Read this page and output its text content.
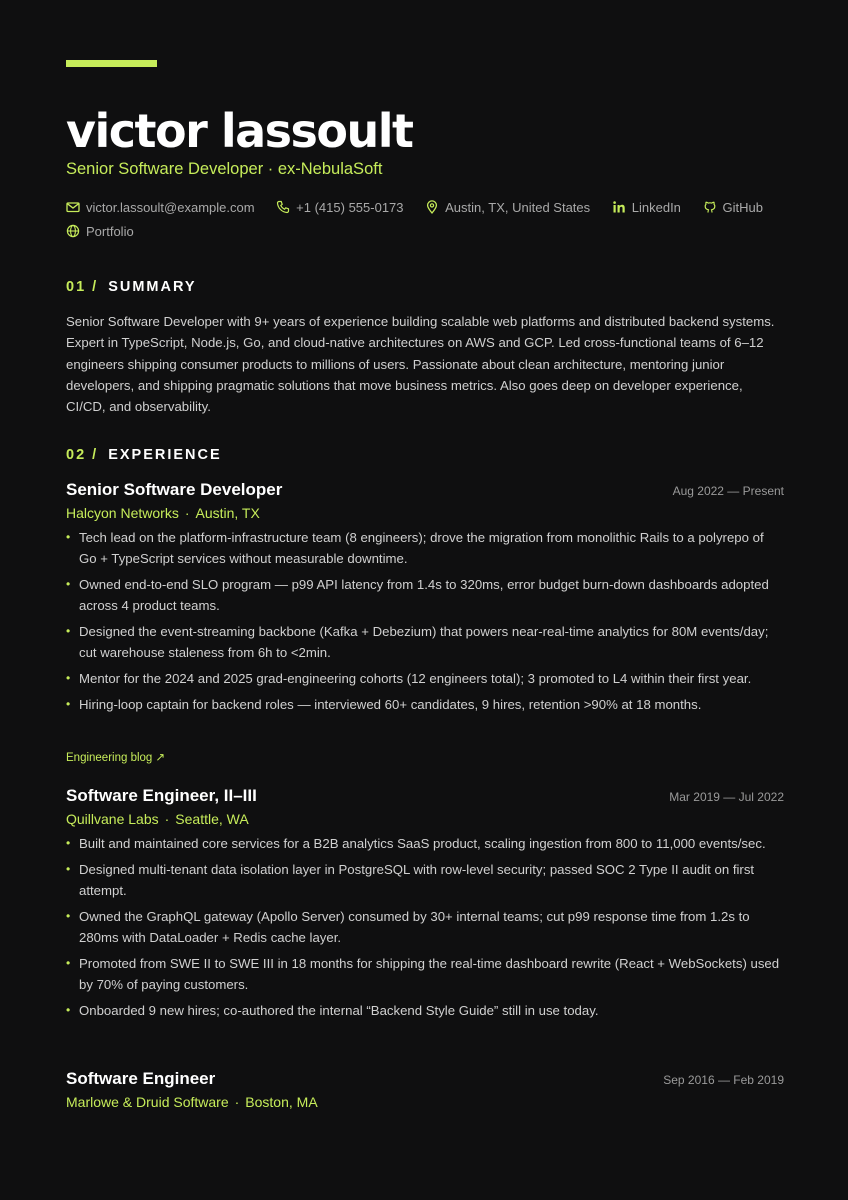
victor lassoult
Senior Software Developer · ex-NebulaSoft
victor.lassoult@example.com
	+1 (415) 555-0173
	Austin, TX, United States
	LinkedIn
	GitHub

Portfolio
01 / SUMMARY

Senior Software Developer with 9+ years of experience building scalable web platforms and distributed backend systems. Expert in TypeScript, Node.js, Go, and cloud-native architectures on AWS and GCP. Led cross-functional teams of 6–12 engineers shipping consumer products to millions of users. Passionate about clean architecture, mentoring junior developers, and shipping pragmatic solutions that move business metrics. Also goes deep on developer experience, CI/CD, and observability.

02 / EXPERIENCE
Senior Software Developer	Aug 2022 — Present
Halcyon Networks · Austin, TX
• Tech lead on the platform-infrastructure team (8 engineers); drove the migration from monolithic Rails to a polyrepo of Go + TypeScript services without measurable downtime.
• Owned end-to-end SLO program — p99 API latency from 1.4s to 320ms, error budget burn-down dashboards adopted across 4 product teams.
• Designed the event-streaming backbone (Kafka + Debezium) that powers near-real-time analytics for 80M events/day; cut warehouse staleness from 6h to <2min.
• Mentor for the 2024 and 2025 grad-engineering cohorts (12 engineers total); 3 promoted to L4 within their first year.
• Hiring-loop captain for backend roles — interviewed 60+ candidates, 9 hires, retention >90% at 18 months.
Engineering blog ↗
Software Engineer, II–III	Mar 2019 — Jul 2022
Quillvane Labs · Seattle, WA
• Built and maintained core services for a B2B analytics SaaS product, scaling ingestion from 800 to 11,000 events/sec.
• Designed multi-tenant data isolation layer in PostgreSQL with row-level security; passed SOC 2 Type II audit on first attempt.
• Owned the GraphQL gateway (Apollo Server) consumed by 30+ internal teams; cut p99 response time from 1.2s to 280ms with DataLoader + Redis cache layer.
• Promoted from SWE II to SWE III in 18 months for shipping the real-time dashboard rewrite (React + WebSockets) used by 70% of paying customers.
• Onboarded 9 new hires; co-authored the internal “Backend Style Guide” still in use today.
Software Engineer	Sep 2016 — Feb 2019
Marlowe & Druid Software · Boston, MA
